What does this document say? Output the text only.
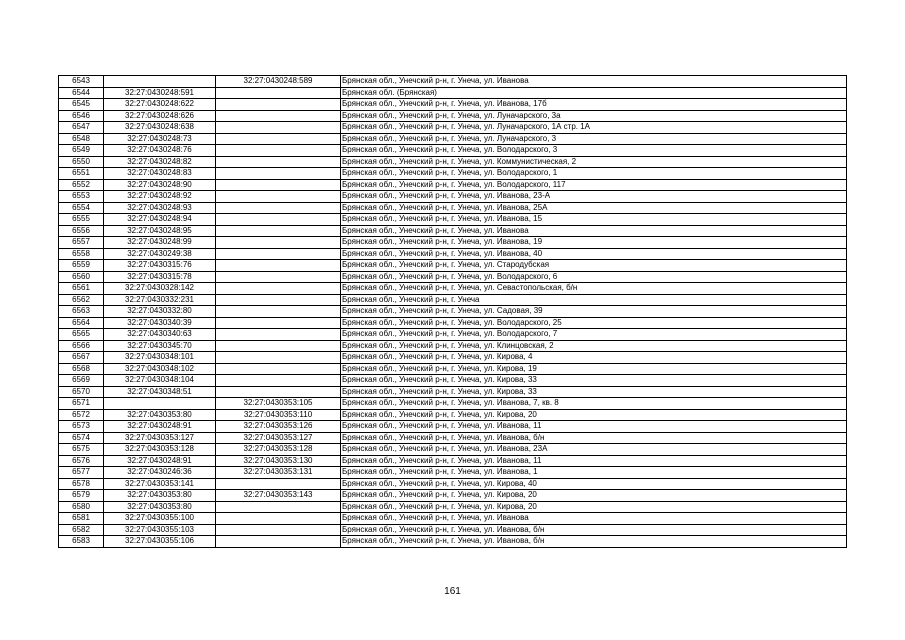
6543		32:27:0430248:589	Брянская обл., Унечский р-н, г. Унеча, ул. Иванова
6544	32:27:0430248:591		Брянская обл. (Брянская)
6545	32:27:0430248:622		Брянская обл., Унечский р-н, г. Унеча, ул. Иванова, 17б
6546	32:27:0430248:626		Брянская обл., Унечский р-н, г. Унеча, ул. Луначарского, 3а
6547	32:27:0430248:638		Брянская обл., Унечский р-н, г. Унеча, ул. Луначарского, 1А стр. 1А
6548	32:27:0430248:73		Брянская обл., Унечский р-н, г. Унеча, ул. Луначарского, 3
6549	32:27:0430248:76		Брянская обл., Унечский р-н, г. Унеча, ул. Володарского, 3
6550	32:27:0430248:82		Брянская обл., Унечский р-н, г. Унеча, ул. Коммунистическая, 2
6551	32:27:0430248:83		Брянская обл., Унечский р-н, г. Унеча, ул. Володарского, 1
6552	32:27:0430248:90		Брянская обл., Унечский р-н, г. Унеча, ул. Володарского, 117
6553	32:27:0430248:92		Брянская обл., Унечский р-н, г. Унеча, ул. Иванова, 23-А
6554	32:27:0430248:93		Брянская обл., Унечский р-н, г. Унеча, ул. Иванова, 25А
6555	32:27:0430248:94		Брянская обл., Унечский р-н, г. Унеча, ул. Иванова, 15
6556	32:27:0430248:95		Брянская обл., Унечский р-н, г. Унеча, ул. Иванова
6557	32:27:0430248:99		Брянская обл., Унечский р-н, г. Унеча, ул. Иванова, 19
6558	32:27:0430249:38		Брянская обл., Унечский р-н, г. Унеча, ул. Иванова, 40
6559	32:27:0430315:76		Брянская обл., Унечский р-н, г. Унеча, ул. Стародубская
6560	32:27:0430315:78		Брянская обл., Унечский р-н, г. Унеча, ул. Володарского, 6
6561	32:27:0430328:142		Брянская обл., Унечский р-н, г. Унеча, ул. Севастопольская, б/н
6562	32:27:0430332:231		Брянская обл., Унечский р-н, г. Унеча
6563	32:27:0430332:80		Брянская обл., Унечский р-н, г. Унеча, ул. Садовая, 39
6564	32:27:0430340:39		Брянская обл., Унечский р-н, г. Унеча, ул. Володарского, 25
6565	32:27:0430340:63		Брянская обл., Унечский р-н, г. Унеча, ул. Володарского, 7
6566	32:27:0430345:70		Брянская обл., Унечский р-н, г. Унеча, ул. Клинцовская, 2
6567	32:27:0430348:101		Брянская обл., Унечский р-н, г. Унеча, ул. Кирова, 4
6568	32:27:0430348:102		Брянская обл., Унечский р-н, г. Унеча, ул. Кирова, 19
6569	32:27:0430348:104		Брянская обл., Унечский р-н, г. Унеча, ул. Кирова, 33
6570	32:27:0430348:51		Брянская обл., Унечский р-н, г. Унеча, ул. Кирова, 33
6571		32:27:0430353:105	Брянская обл., Унечский р-н, г. Унеча, ул. Иванова, 7, кв. 8
6572	32:27:0430353:80	32:27:0430353:110	Брянская обл., Унечский р-н, г. Унеча, ул. Кирова, 20
6573	32:27:0430248:91	32:27:0430353:126	Брянская обл., Унечский р-н, г. Унеча, ул. Иванова, 11
6574	32:27:0430353:127	32:27:0430353:127	Брянская обл., Унечский р-н, г. Унеча, ул. Иванова, б/н
6575	32:27:0430353:128	32:27:0430353:128	Брянская обл., Унечский р-н, г. Унеча, ул. Иванова, 23А
6576	32:27:0430248:91	32:27:0430353:130	Брянская обл., Унечский р-н, г. Унеча, ул. Иванова, 11
6577	32:27:0430246:36	32:27:0430353:131	Брянская обл., Унечский р-н, г. Унеча, ул. Иванова, 1
6578	32:27:0430353:141		Брянская обл., Унечский р-н, г. Унеча, ул. Кирова, 40
6579	32:27:0430353:80	32:27:0430353:143	Брянская обл., Унечский р-н, г. Унеча, ул. Кирова, 20
6580	32:27:0430353:80		Брянская обл., Унечский р-н, г. Унеча, ул. Кирова, 20
6581	32:27:0430355:100		Брянская обл., Унечский р-н, г. Унеча, ул. Иванова
6582	32:27:0430355:103		Брянская обл., Унечский р-н, г. Унеча, ул. Иванова, б/н
6583	32:27:0430355:106		Брянская обл., Унечский р-н, г. Унеча, ул. Иванова, б/н
161
